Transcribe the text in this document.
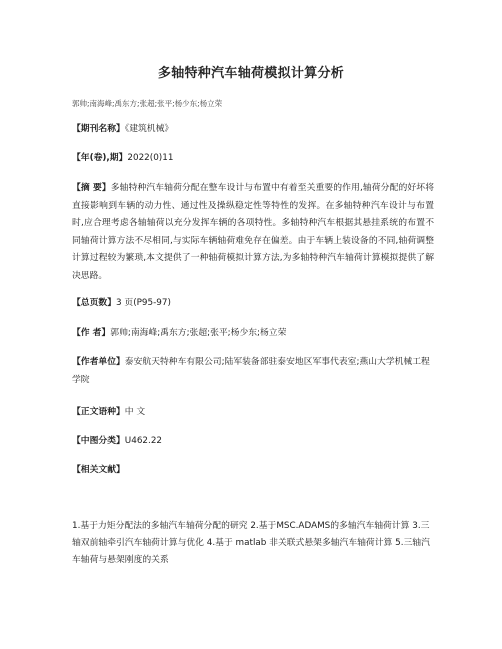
多轴特种汽车轴荷模拟计算分析
郭帅;南海峰;禹东方;张超;张平;杨少东;杨立荣
【期刊名称】《建筑机械》
【年(卷),期】2022(0)11
【摘 要】多轴特种汽车轴荷分配在整车设计与布置中有着至关重要的作用,轴荷分配的好坏将直接影响到车辆的动力性、通过性及操纵稳定性等特性的发挥。在多轴特种汽车设计与布置时,应合理考虑各轴轴荷以充分发挥车辆的各项特性。多轴特种汽车根据其悬挂系统的布置不同轴荷计算方法不尽相同,与实际车辆轴荷难免存在偏差。由于车辆上装设备的不同,轴荷调整计算过程较为繁琐,本文提供了一种轴荷模拟计算方法,为多轴特种汽车轴荷计算模拟提供了解决思路。
【总页数】3 页(P95-97)
【作 者】郭帅;南海峰;禹东方;张超;张平;杨少东;杨立荣
【作者单位】泰安航天特种车有限公司;陆军装备部驻泰安地区军事代表室;燕山大学机械工程学院
【正文语种】中 文
【中图分类】U462.22
【相关文献】
1.基于力矩分配法的多轴汽车轴荷分配的研究 2.基于MSC.ADAMS的多轴汽车轴荷计算 3.三轴双前轴牵引汽车轴荷计算与优化 4.基于 matlab 非关联式悬架多轴汽车轴荷计算 5.三轴汽车轴荷与悬架刚度的关系
